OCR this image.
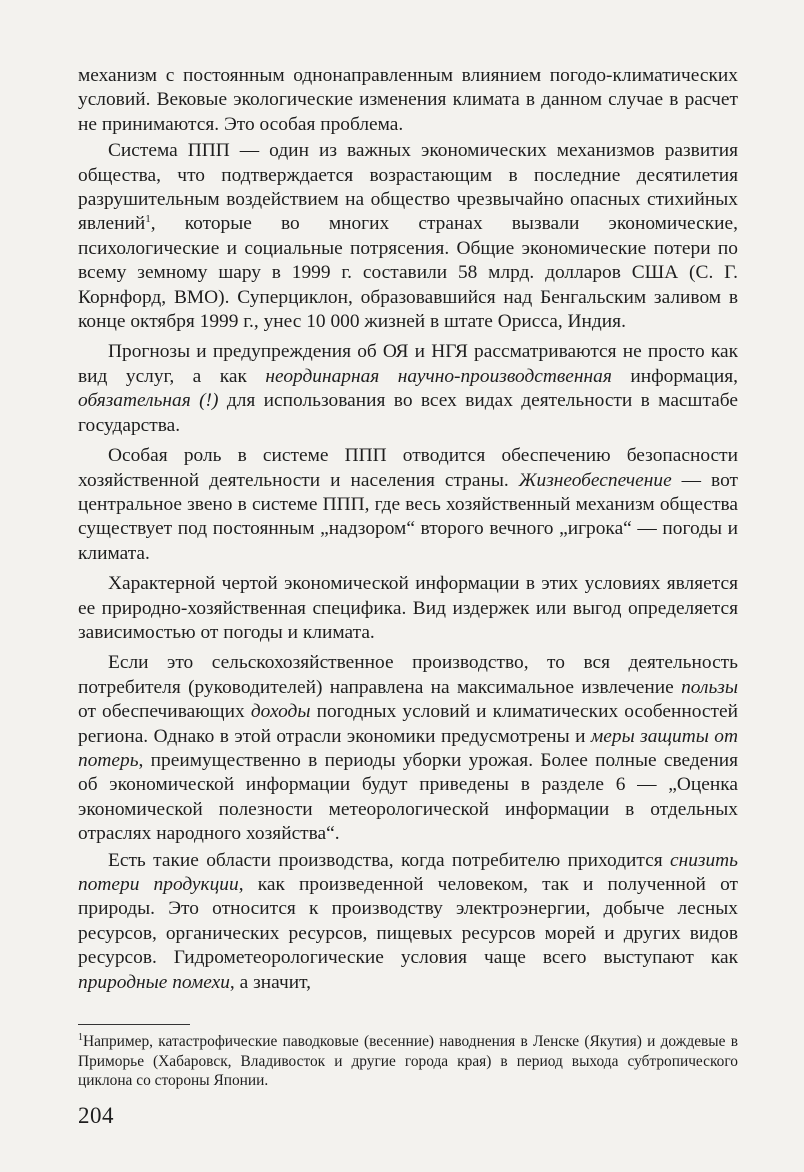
механизм с постоянным однонаправленным влиянием погодо-климатических условий. Вековые экологические изменения климата в данном случае в расчет не принимаются. Это особая проблема.

Система ППП — один из важных экономических механизмов развития общества, что подтверждается возрастающим в последние десятилетия разрушительным воздействием на общество чрезвычайно опасных стихийных явлений$^1$, которые во многих странах вызвали экономические, психологические и социальные потрясения. Общие экономические потери по всему земному шару в 1999 г. составили 58 млрд. долларов США (С. Г. Корнфорд, ВМО). Суперциклон, образовавшийся над Бенгальским заливом в конце октября 1999 г., унес 10 000 жизней в штате Орисса, Индия.

Прогнозы и предупреждения об ОЯ и НГЯ рассматриваются не просто как вид услуг, а как неординарная научно-производственная информация, обязательная (!) для использования во всех видах деятельности в масштабе государства.

Особая роль в системе ППП отводится обеспечению безопасности хозяйственной деятельности и населения страны. Жизнеобеспечение — вот центральное звено в системе ППП, где весь хозяйственный механизм общества существует под постоянным „надзором“ второго вечного „игрока“ — погоды и климата.

Характерной чертой экономической информации в этих условиях является ее природно-хозяйственная специфика. Вид издержек или выгод определяется зависимостью от погоды и климата.

Если это сельскохозяйственное производство, то вся деятельность потребителя (руководителей) направлена на максимальное извлечение пользы от обеспечивающих доходы погодных условий и климатических особенностей региона. Однако в этой отрасли экономики предусмотрены и меры защиты от потерь, преимущественно в периоды уборки урожая. Более полные сведения об экономической информации будут приведены в разделе 6 — „Оценка экономической полезности метеорологической информации в отдельных отраслях народного хозяйства“.

Есть такие области производства, когда потребителю приходится снизить потери продукции, как произведенной человеком, так и полученной от природы. Это относится к производству электроэнергии, добыче лесных ресурсов, органических ресурсов, пищевых ресурсов морей и других видов ресурсов. Гидрометеорологические условия чаще всего выступают как природные помехи, а значит,

$^1$Например, катастрофические паводковые (весенние) наводнения в Ленске (Якутия) и дождевые в Приморье (Хабаровск, Владивосток и другие города края) в период выхода субтропического циклона со стороны Японии.
204
